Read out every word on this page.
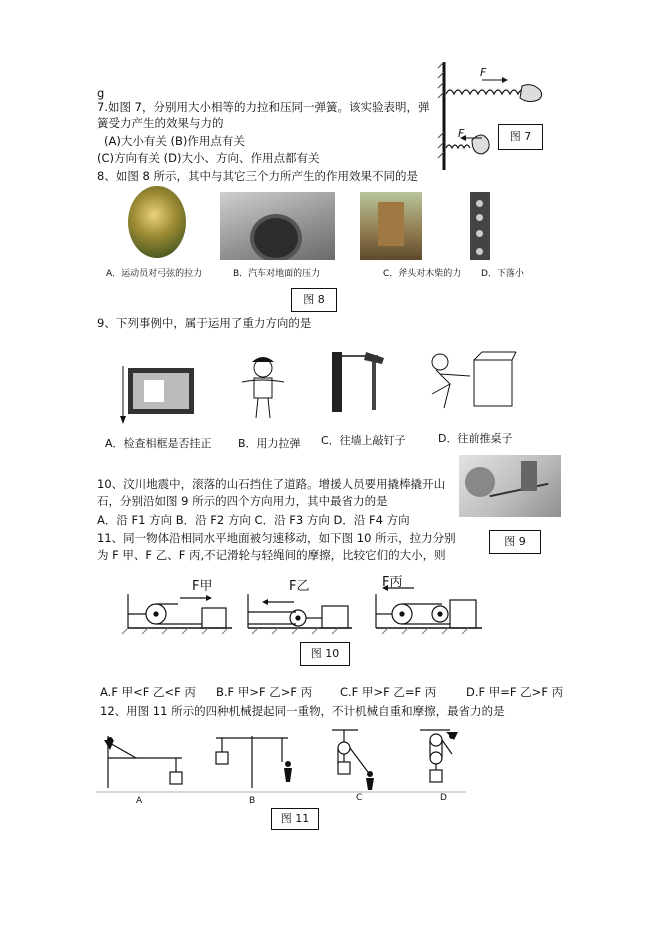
g
7.如图 7，分别用大小相等的力拉和压同一弹簧。该实验表明，弹
簧受力产生的效果与力的
(A)大小有关 (B)作用点有关
(C)方向有关 (D)大小、方向、作用点都有关
8、如图 8 所示，其中与其它三个力所产生的作用效果不同的是
F
F	图 7
A．运动员对弓弦的拉力	B．汽车对地面的压力	C．斧头对木柴的力 D．下落小
图 8
9、下列事例中，属于运用了重力方向的是
A．检查相框是否挂正 B．用力拉弹 C．往墙上敲钉子	D．往前推桌子
10、汶川地震中，滚落的山石挡住了道路。增援人员要用撬棒撬开山
石，分别沿如图 9 所示的四个方向用力，其中最省力的是
A．沿 F1 方向 B．沿 F2 方向 C．沿 F3 方向 D．沿 F4 方向
图 9
11、同一物体沿相同水平地面被匀速移动，如下图 10 所示，拉力分别
为 F 甲、F 乙、F 丙,不记滑轮与轻绳间的摩擦，比较它们的大小，则
F甲	F乙	F丙
图 10
A.F 甲<F 乙<F 丙 B.F 甲>F 乙>F 丙 C.F 甲>F 乙=F 丙	D.F 甲=F 乙>F 丙
12、用图 11 所示的四种机械提起同一重物，不计机械自重和摩擦，最省力的是
A	B	C	D
图 11
